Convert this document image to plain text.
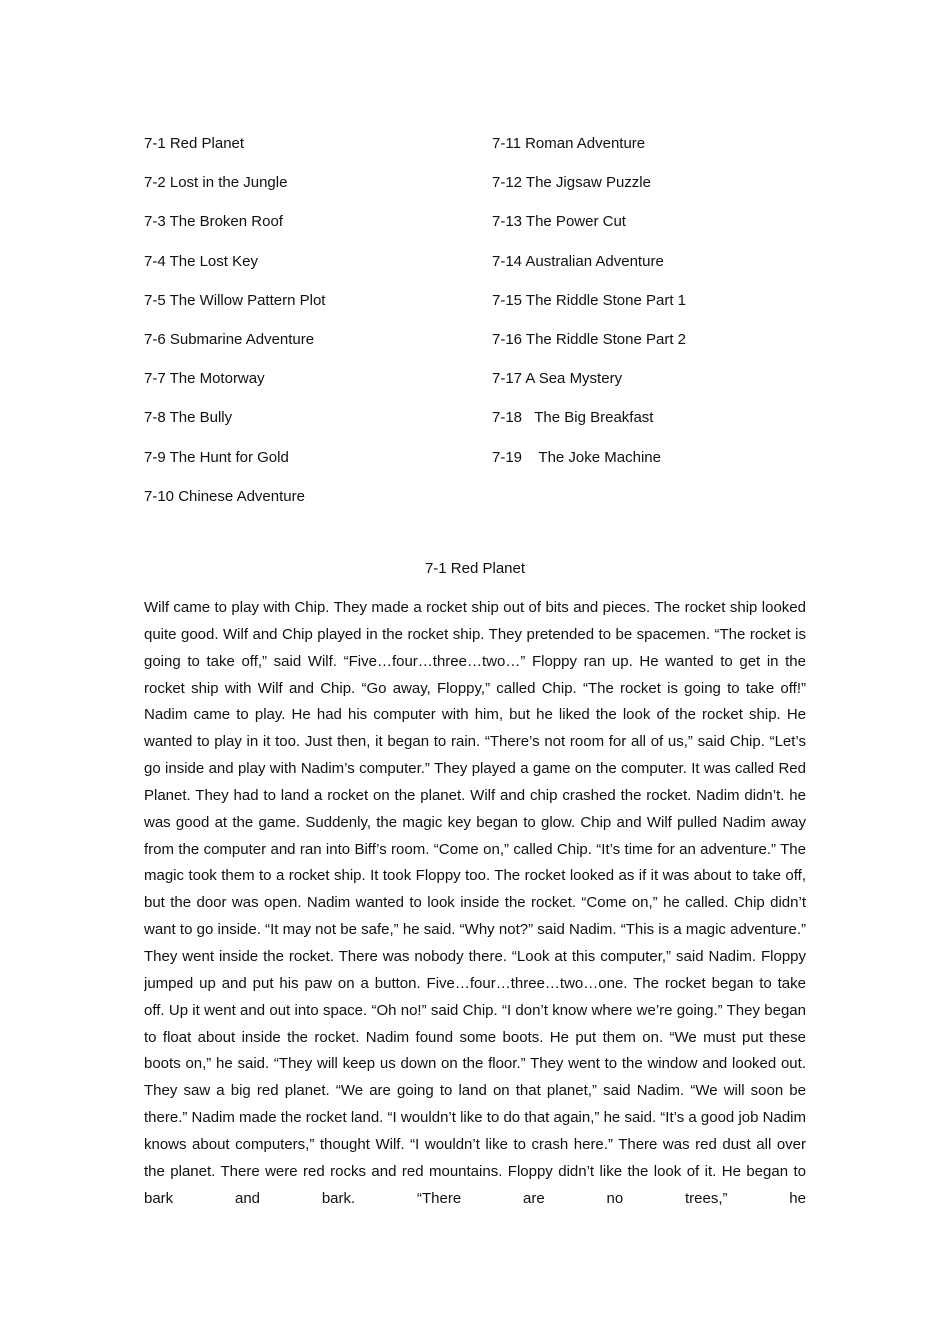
7-1 Red Planet
7-2 Lost in the Jungle
7-3 The Broken Roof
7-4 The Lost Key
7-5 The Willow Pattern Plot
7-6 Submarine Adventure
7-7 The Motorway
7-8 The Bully
7-9 The Hunt for Gold
7-10 Chinese Adventure
7-11 Roman Adventure
7-12 The Jigsaw Puzzle
7-13 The Power Cut
7-14 Australian Adventure
7-15 The Riddle Stone Part 1
7-16 The Riddle Stone Part 2
7-17 A Sea Mystery
7-18   The Big Breakfast
7-19    The Joke Machine
7-1 Red Planet

Wilf came to play with Chip. They made a rocket ship out of bits and pieces. The rocket ship looked quite good. Wilf and Chip played in the rocket ship. They pretended to be spacemen. “The rocket is going to take off,” said Wilf. “Five…four…three…two…” Floppy ran up. He wanted to get in the rocket ship with Wilf and Chip. “Go away, Floppy,” called Chip. “The rocket is going to take off!” Nadim came to play. He had his computer with him, but he liked the look of the rocket ship. He wanted to play in it too. Just then, it began to rain. “There’s not room for all of us,” said Chip. “Let’s go inside and play with Nadim’s computer.” They played a game on the computer. It was called Red Planet. They had to land a rocket on the planet. Wilf and chip crashed the rocket. Nadim didn’t. he was good at the game. Suddenly, the magic key began to glow. Chip and Wilf pulled Nadim away from the computer and ran into Biff’s room. “Come on,” called Chip. “It’s time for an adventure.” The magic took them to a rocket ship. It took Floppy too. The rocket looked as if it was about to take off, but the door was open. Nadim wanted to look inside the rocket. “Come on,” he called. Chip didn’t want to go inside. “It may not be safe,” he said. “Why not?” said Nadim. “This is a magic adventure.” They went inside the rocket. There was nobody there. “Look at this computer,” said Nadim. Floppy jumped up and put his paw on a button. Five…four…three…two…one. The rocket began to take off. Up it went and out into space. “Oh no!” said Chip. “I don’t know where we’re going.” They began to float about inside the rocket. Nadim found some boots. He put them on. “We must put these boots on,” he said. “They will keep us down on the floor.” They went to the window and looked out. They saw a big red planet. “We are going to land on that planet,” said Nadim. “We will soon be there.” Nadim made the rocket land. “I wouldn’t like to do that again,” he said. “It’s a good job Nadim knows about computers,” thought Wilf. “I wouldn’t like to crash here.” There was red dust all over the planet. There were red rocks and red mountains. Floppy didn’t like the look of it. He began to bark and bark. “There are no trees,” he
